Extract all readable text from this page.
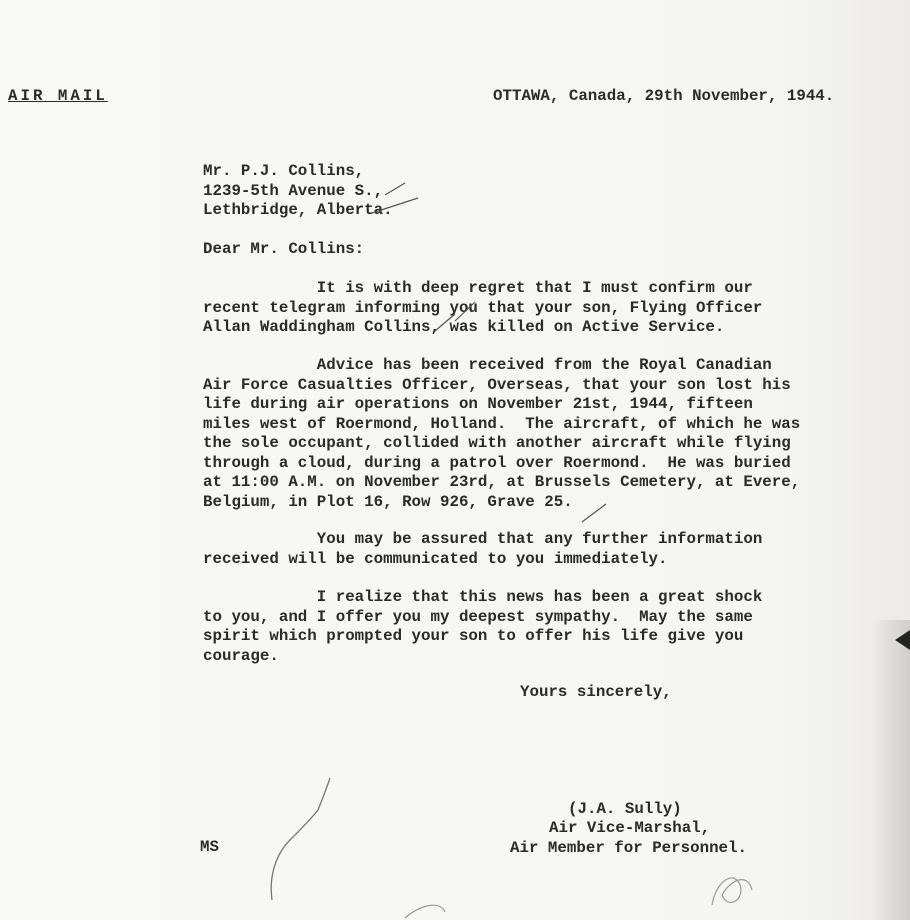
AIR MAIL	OTTAWA, Canada, 29th November, 1944.
Mr. P.J. Collins,
1239-5th Avenue S.,
Lethbridge, Alberta.
Dear Mr. Collins:
It is with deep regret that I must confirm our
recent telegram informing you that your son, Flying Officer
Allan Waddingham Collins, was killed on Active Service.
Advice has been received from the Royal Canadian
Air Force Casualties Officer, Overseas, that your son lost his
life during air operations on November 21st, 1944, fifteen
miles west of Roermond, Holland.  The aircraft, of which he was
the sole occupant, collided with another aircraft while flying
through a cloud, during a patrol over Roermond.  He was buried
at 11:00 A.M. on November 23rd, at Brussels Cemetery, at Evere,
Belgium, in Plot 16, Row 926, Grave 25.
You may be assured that any further information
received will be communicated to you immediately.
I realize that this news has been a great shock
to you, and I offer you my deepest sympathy.  May the same
spirit which prompted your son to offer his life give you
courage.
Yours sincerely,
(J.A. Sully)
Air Vice-Marshal,
Air Member for Personnel.
MS
